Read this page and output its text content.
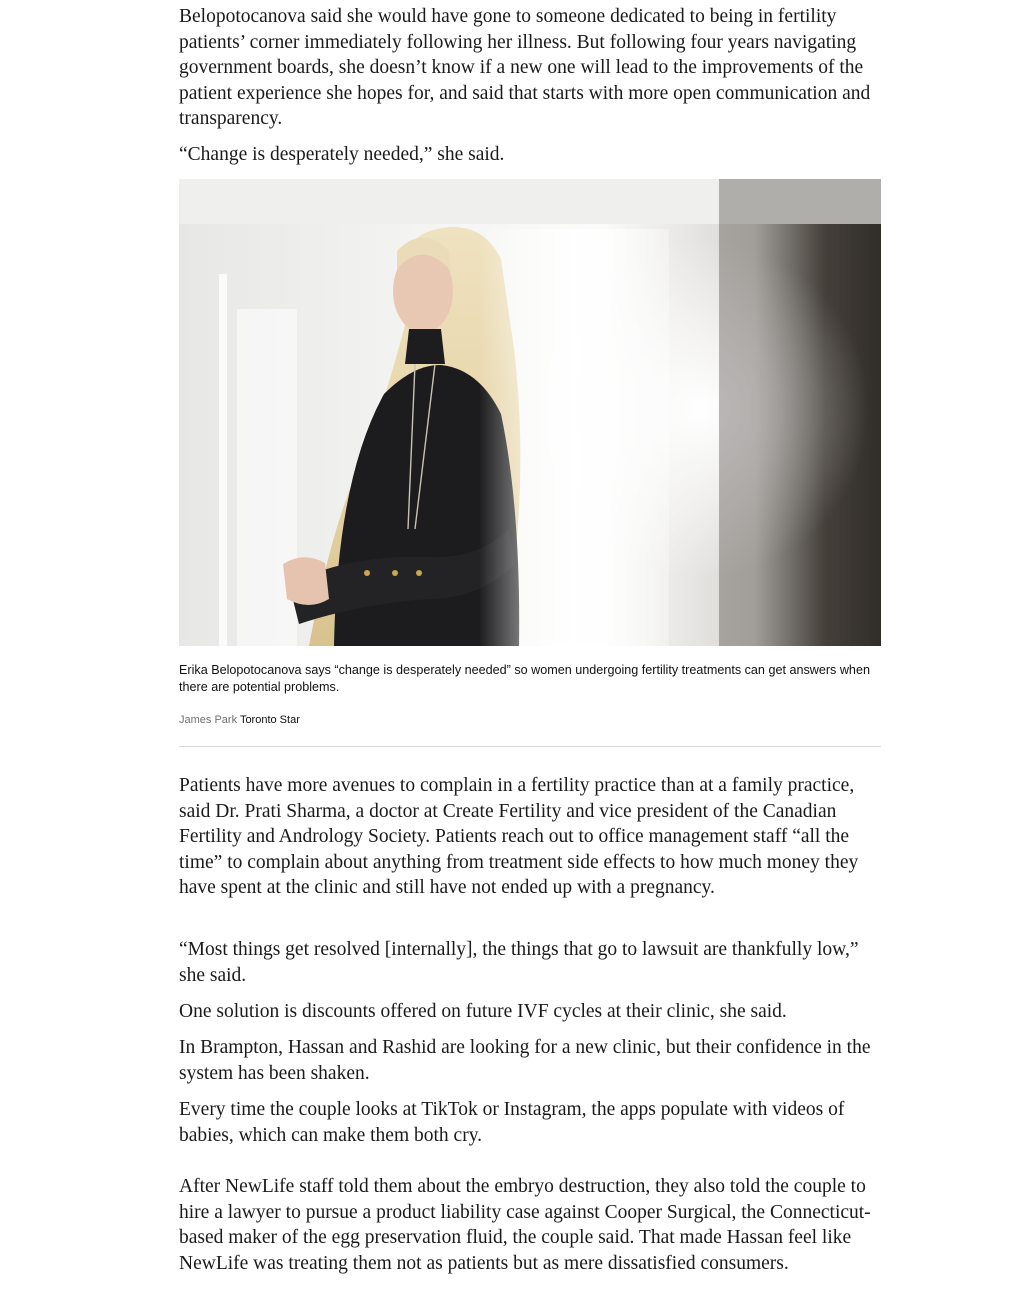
Belopotocanova said she would have gone to someone dedicated to being in fertility patients’ corner immediately following her illness. But following four years navigating government boards, she doesn’t know if a new one will lead to the improvements of the patient experience she hopes for, and said that starts with more open communication and transparency.

“Change is desperately needed,” she said.

Erika Belopotocanova says “change is desperately needed” so women undergoing fertility treatments can get answers when there are potential problems.

James Park Toronto Star

Patients have more avenues to complain in a fertility practice than at a family practice, said Dr. Prati Sharma, a doctor at Create Fertility and vice president of the Canadian Fertility and Andrology Society. Patients reach out to office management staff “all the time” to complain about anything from treatment side effects to how much money they have spent at the clinic and still have not ended up with a pregnancy.

“Most things get resolved [internally], the things that go to lawsuit are thankfully low,” she said.

One solution is discounts offered on future IVF cycles at their clinic, she said.

In Brampton, Hassan and Rashid are looking for a new clinic, but their confidence in the system has been shaken.

Every time the couple looks at TikTok or Instagram, the apps populate with videos of babies, which can make them both cry.

After NewLife staff told them about the embryo destruction, they also told the couple to hire a lawyer to pursue a product liability case against Cooper Surgical, the Connecticut-based maker of the egg preservation fluid, the couple said. That made Hassan feel like NewLife was treating them not as patients but as mere dissatisfied consumers.
